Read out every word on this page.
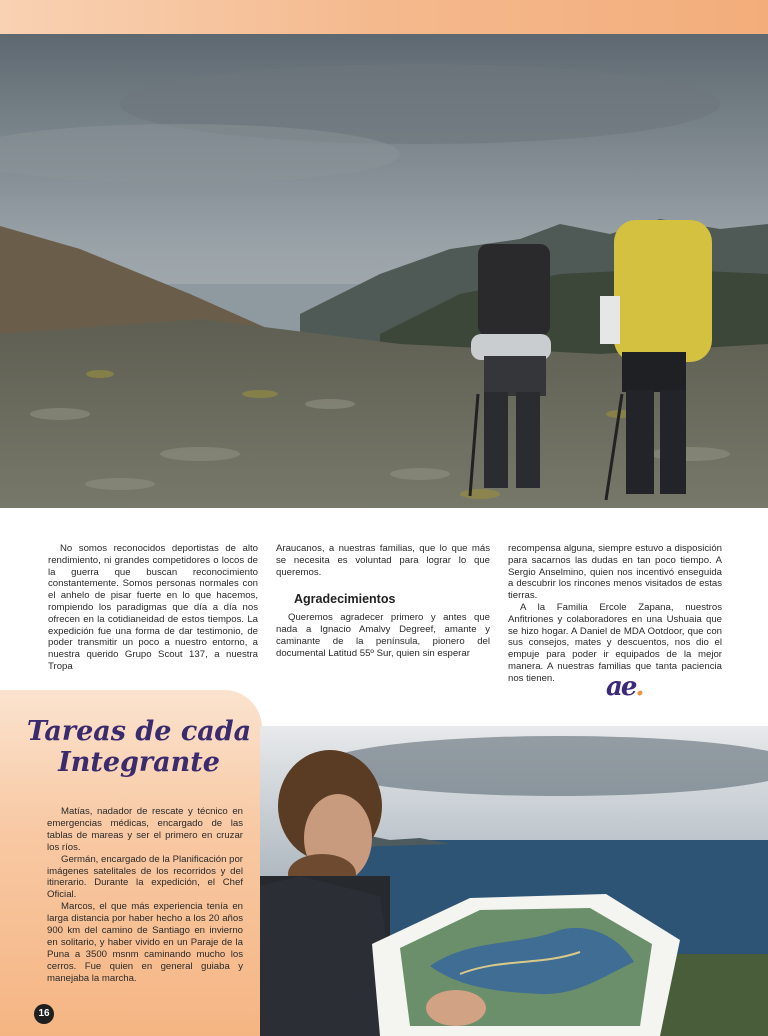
No somos reconocidos deportistas de alto rendimiento, ni grandes competidores o locos de la guerra que buscan reconocimiento constantemente. Somos personas normales con el anhelo de pisar fuerte en lo que hacemos, rompiendo los paradigmas que día a día nos ofrecen en la cotidianeidad de estos tiempos. La expedición fue una forma de dar testimonio, de poder transmitir un poco a nuestro entorno, a nuestra querido Grupo Scout 137, a nuestra Tropa

Araucanos, a nuestras familias, que lo que más se necesita es voluntad para lograr lo que queremos.

Agradecimientos

Queremos agradecer primero y antes que nada a Ignacio Amalvy Degreef, amante y caminante de la península, pionero del documental Latitud 55º Sur, quien sin esperar

recompensa alguna, siempre estuvo a disposición para sacarnos las dudas en tan poco tiempo. A Sergio Anselmino, quien nos incentivó enseguida a descubrir los rincones menos visitados de estas tierras.

A la Familia Ercole Zapana, nuestros Anfitriones y colaboradores en una Ushuaia que se hizo hogar. A Daniel de MDA Ootdoor, que con sus consejos, mates y descuentos, nos dio el empuje para poder ir equipados de la mejor manera. A nuestras familias que tanta paciencia nos tienen.	ae.
Tareas de cada
Integrante

Matías, nadador de rescate y técnico en emergencias médicas, encargado de las tablas de mareas y ser el primero en cruzar los ríos.

Germán, encargado de la Planificación por imágenes satelitales de los recorridos y del itinerario. Durante la expedición, el Chef Oficial.

Marcos, el que más experiencia tenía en larga distancia por haber hecho a los 20 años 900 km del camino de Santiago en invierno en solitario, y haber vivido en un Paraje de la Puna a 3500 msnm caminando mucho los cerros. Fue quien en general guiaba y manejaba la marcha.

16
